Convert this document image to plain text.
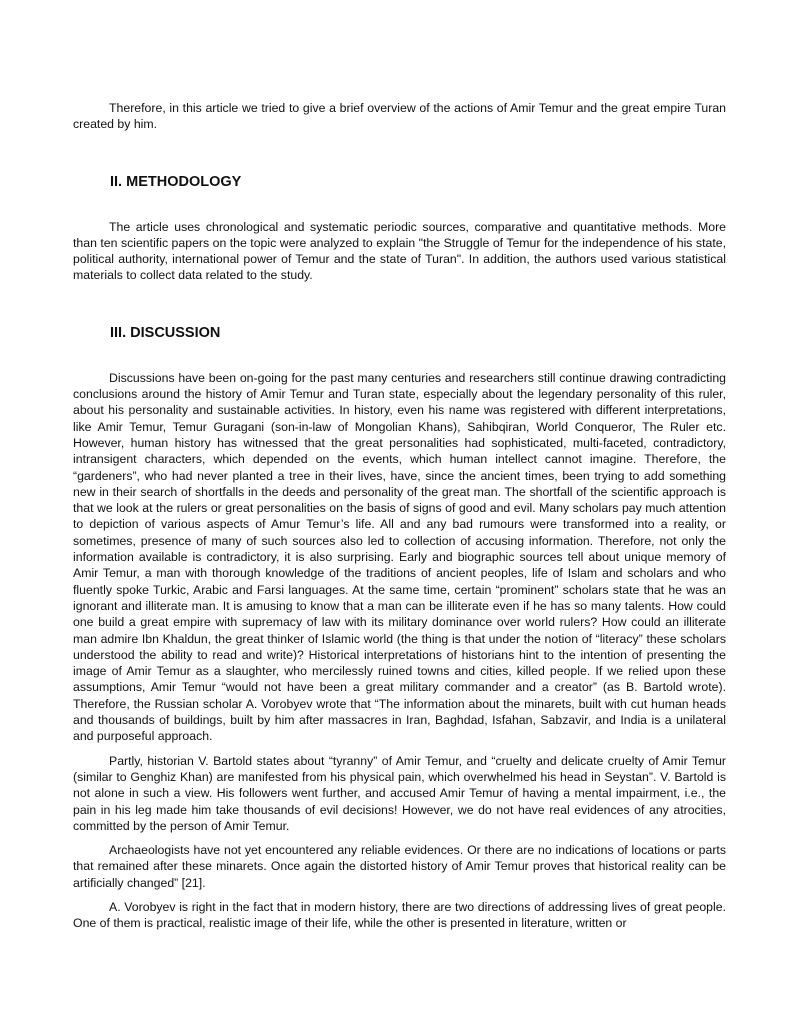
Therefore, in this article we tried to give a brief overview of the actions of Amir Temur and the great empire Turan created by him.

II. METHODOLOGY

The article uses chronological and systematic periodic sources, comparative and quantitative methods. More than ten scientific papers on the topic were analyzed to explain "the Struggle of Temur for the independence of his state, political authority, international power of Temur and the state of Turan". In addition, the authors used various statistical materials to collect data related to the study.

III. DISCUSSION

Discussions have been on-going for the past many centuries and researchers still continue drawing contradicting conclusions around the history of Amir Temur and Turan state, especially about the legendary personality of this ruler, about his personality and sustainable activities. In history, even his name was registered with different interpretations, like Amir Temur, Temur Guragani (son-in-law of Mongolian Khans), Sahibqiran, World Conqueror, The Ruler etc. However, human history has witnessed that the great personalities had sophisticated, multi-faceted, contradictory, intransigent characters, which depended on the events, which human intellect cannot imagine. Therefore, the “gardeners”, who had never planted a tree in their lives, have, since the ancient times, been trying to add something new in their search of shortfalls in the deeds and personality of the great man. The shortfall of the scientific approach is that we look at the rulers or great personalities on the basis of signs of good and evil. Many scholars pay much attention to depiction of various aspects of Amur Temur’s life. All and any bad rumours were transformed into a reality, or sometimes, presence of many of such sources also led to collection of accusing information. Therefore, not only the information available is contradictory, it is also surprising. Early and biographic sources tell about unique memory of Amir Temur, a man with thorough knowledge of the traditions of ancient peoples, life of Islam and scholars and who fluently spoke Turkic, Arabic and Farsi languages. At the same time, certain “prominent” scholars state that he was an ignorant and illiterate man. It is amusing to know that a man can be illiterate even if he has so many talents. How could one build a great empire with supremacy of law with its military dominance over world rulers? How could an illiterate man admire Ibn Khaldun, the great thinker of Islamic world (the thing is that under the notion of “literacy” these scholars understood the ability to read and write)? Historical interpretations of historians hint to the intention of presenting the image of Amir Temur as a slaughter, who mercilessly ruined towns and cities, killed people. If we relied upon these assumptions, Amir Temur “would not have been a great military commander and a creator” (as B. Bartold wrote). Therefore, the Russian scholar A. Vorobyev wrote that “The information about the minarets, built with cut human heads and thousands of buildings, built by him after massacres in Iran, Baghdad, Isfahan, Sabzavir, and India is a unilateral and purposeful approach.

Partly, historian V. Bartold states about “tyranny” of Amir Temur, and “cruelty and delicate cruelty of Amir Temur (similar to Genghiz Khan) are manifested from his physical pain, which overwhelmed his head in Seystan”. V. Bartold is not alone in such a view. His followers went further, and accused Amir Temur of having a mental impairment, i.e., the pain in his leg made him take thousands of evil decisions! However, we do not have real evidences of any atrocities, committed by the person of Amir Temur.

Archaeologists have not yet encountered any reliable evidences. Or there are no indications of locations or parts that remained after these minarets. Once again the distorted history of Amir Temur proves that historical reality can be artificially changed” [21].

A. Vorobyev is right in the fact that in modern history, there are two directions of addressing lives of great people. One of them is practical, realistic image of their life, while the other is presented in literature, written or
